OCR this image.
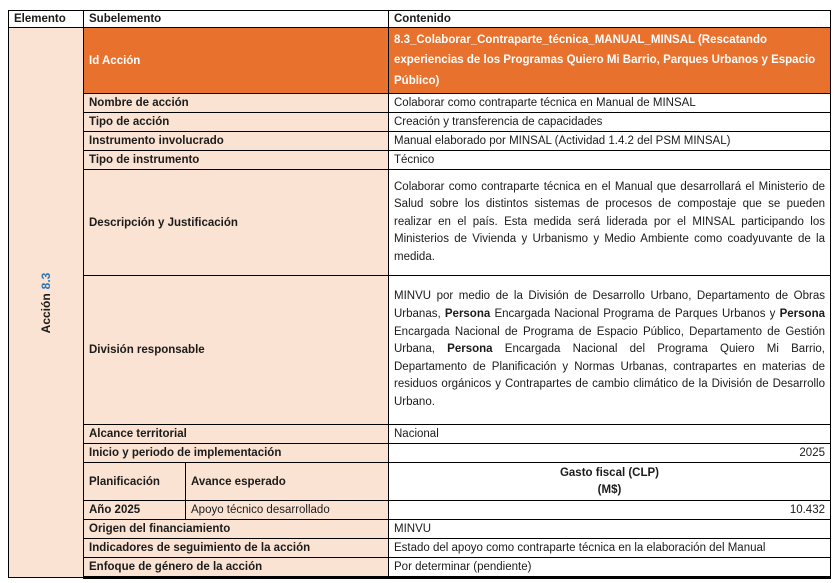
Elemento	Subelemento		Contenido

Acción8.3	Id Acción		8.3_Colaborar_Contraparte_técnica_MANUAL_MINSAL (Rescatando experiencias de los Programas Quiero Mi Barrio, Parques Urbanos y Espacio Público)
	Nombre de acción		Colaborar como contraparte técnica en Manual de MINSAL
	Tipo de acción		Creación y transferencia de capacidades
	Instrumento involucrado		Manual elaborado por MINSAL (Actividad 1.4.2 del PSM MINSAL)
	Tipo de instrumento		Técnico
	Descripción y Justificación		Colaborar como contraparte técnica en el Manual que desarrollará el Ministerio de Salud sobre los distintos sistemas de procesos de compostaje que se pueden realizar en el país. Esta medida será liderada por el MINSAL participando los Ministerios de Vivienda y Urbanismo y Medio Ambiente como coadyuvante de la medida.
	División responsable		MINVU por medio de la División de Desarrollo Urbano, Departamento de Obras Urbanas, Persona Encargada Nacional Programa de Parques Urbanos y Persona Encargada Nacional de Programa de Espacio Público, Departamento de Gestión Urbana, Persona Encargada Nacional del Programa Quiero Mi Barrio, Departamento de Planificación y Normas Urbanas, contrapartes en materias de residuos orgánicos y Contrapartes de cambio climático de la División de Desarrollo Urbano.
	Alcance territorial		Nacional
	Inicio y periodo de implementación		2025
	Planificación	Avance esperado	Gasto fiscal (CLP)
(M$)

	Año 2025	Apoyo técnico desarrollado	10.432
	Origen del financiamiento		MINVU
	Indicadores de seguimiento de la acción		Estado del apoyo como contraparte técnica en la elaboración del Manual
	Enfoque de género de la acción		Por determinar (pendiente)
